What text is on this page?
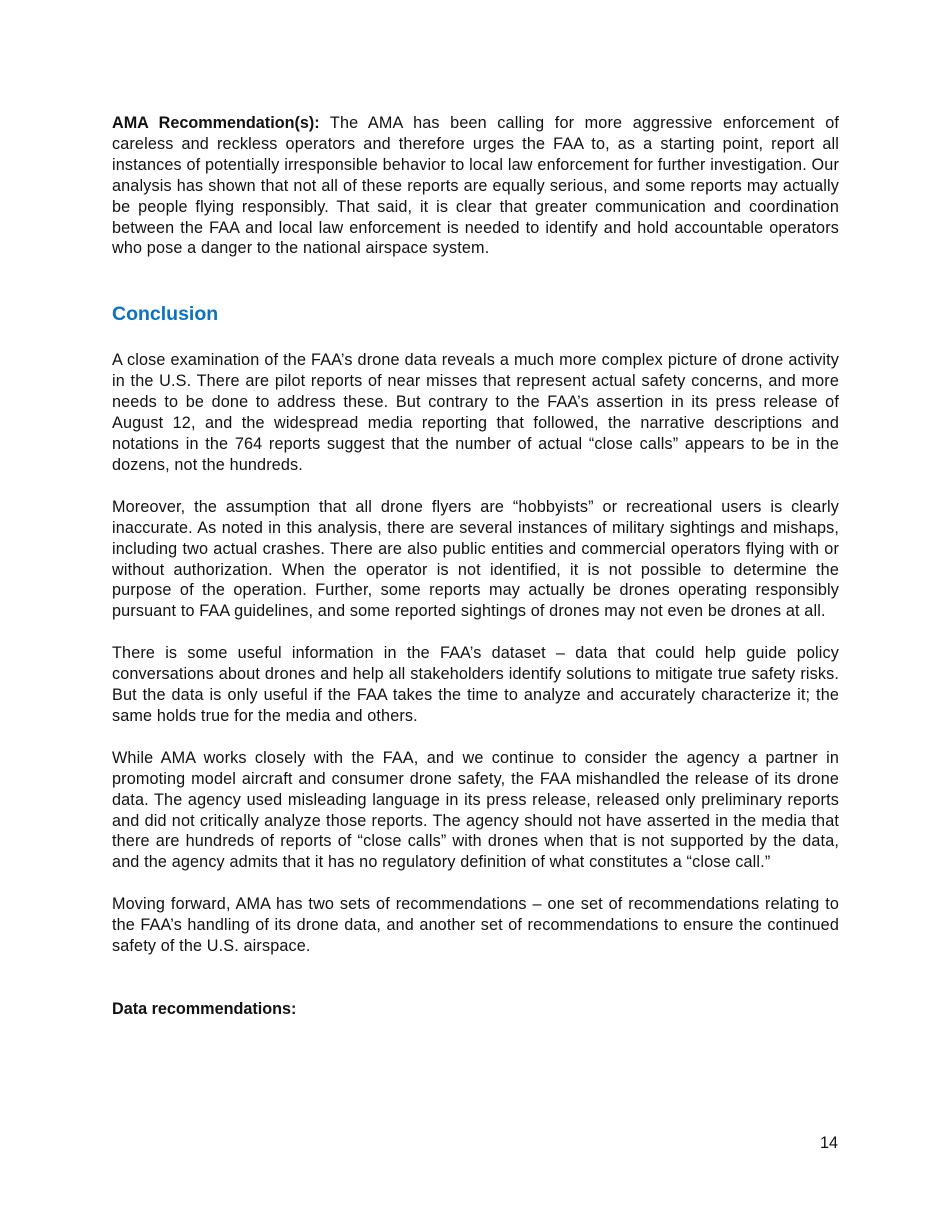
AMA Recommendation(s): The AMA has been calling for more aggressive enforcement of careless and reckless operators and therefore urges the FAA to, as a starting point, report all instances of potentially irresponsible behavior to local law enforcement for further investigation. Our analysis has shown that not all of these reports are equally serious, and some reports may actually be people flying responsibly. That said, it is clear that greater communication and coordination between the FAA and local law enforcement is needed to identify and hold accountable operators who pose a danger to the national airspace system.

Conclusion

A close examination of the FAA’s drone data reveals a much more complex picture of drone activity in the U.S. There are pilot reports of near misses that represent actual safety concerns, and more needs to be done to address these. But contrary to the FAA’s assertion in its press release of August 12, and the widespread media reporting that followed, the narrative descriptions and notations in the 764 reports suggest that the number of actual “close calls” appears to be in the dozens, not the hundreds.

Moreover, the assumption that all drone flyers are “hobbyists” or recreational users is clearly inaccurate. As noted in this analysis, there are several instances of military sightings and mishaps, including two actual crashes. There are also public entities and commercial operators flying with or without authorization. When the operator is not identified, it is not possible to determine the purpose of the operation. Further, some reports may actually be drones operating responsibly pursuant to FAA guidelines, and some reported sightings of drones may not even be drones at all.

There is some useful information in the FAA’s dataset – data that could help guide policy conversations about drones and help all stakeholders identify solutions to mitigate true safety risks. But the data is only useful if the FAA takes the time to analyze and accurately characterize it; the same holds true for the media and others.

While AMA works closely with the FAA, and we continue to consider the agency a partner in promoting model aircraft and consumer drone safety, the FAA mishandled the release of its drone data. The agency used misleading language in its press release, released only preliminary reports and did not critically analyze those reports. The agency should not have asserted in the media that there are hundreds of reports of “close calls” with drones when that is not supported by the data, and the agency admits that it has no regulatory definition of what constitutes a “close call.”

Moving forward, AMA has two sets of recommendations – one set of recommendations relating to the FAA’s handling of its drone data, and another set of recommendations to ensure the continued safety of the U.S. airspace.

Data recommendations:
14
